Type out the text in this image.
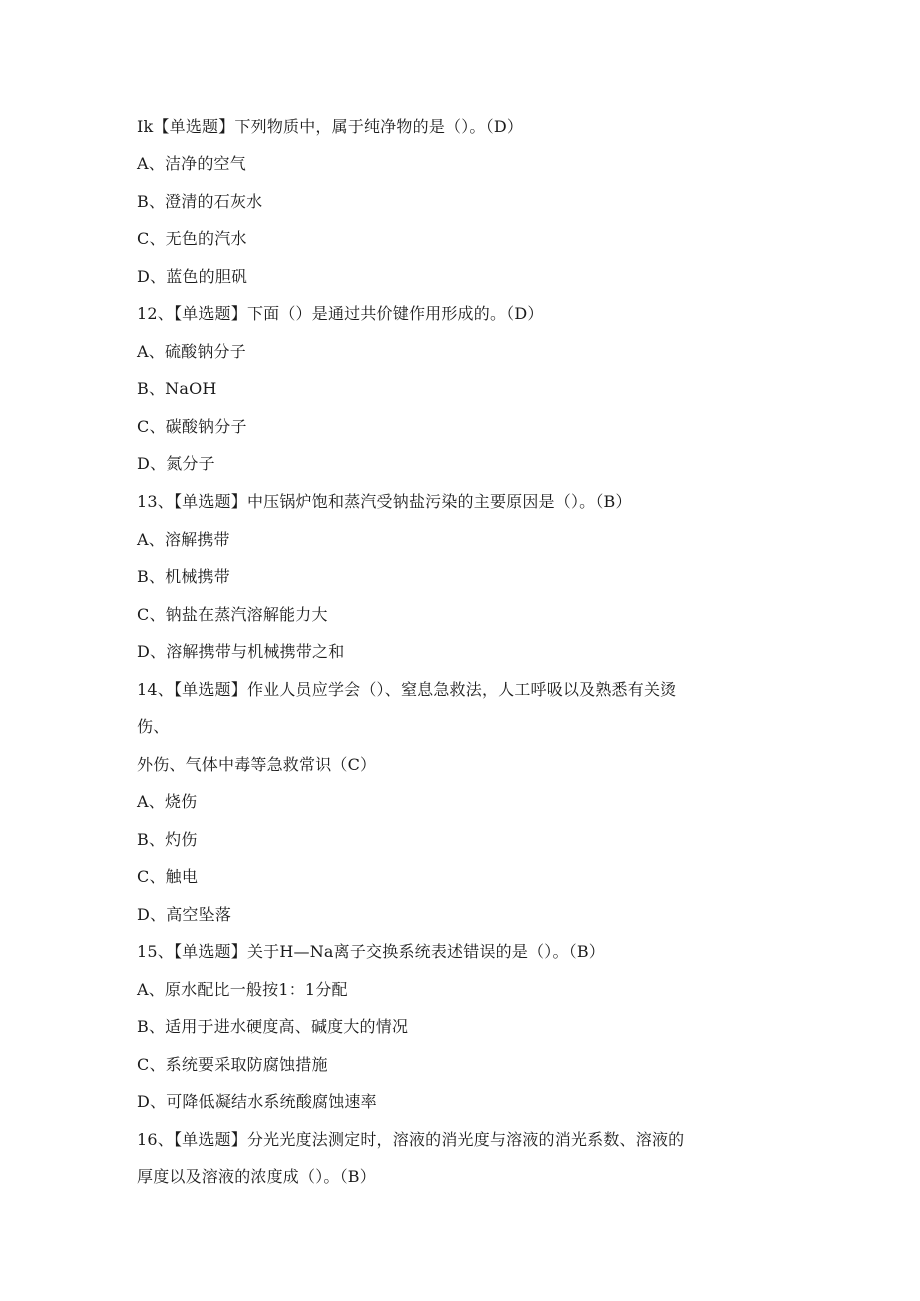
Ik【单选题】下列物质中，属于纯净物的是（）。（D）
A、洁净的空气
B、澄清的石灰水
C、无色的汽水
D、蓝色的胆矾
12、【单选题】下面（）是通过共价键作用形成的。（D）
A、硫酸钠分子
B、NaOH
C、碳酸钠分子
D、氮分子
13、【单选题】中压锅炉饱和蒸汽受钠盐污染的主要原因是（）。（B）
A、溶解携带
B、机械携带
C、钠盐在蒸汽溶解能力大
D、溶解携带与机械携带之和
14、【单选题】作业人员应学会（）、窒息急救法，人工呼吸以及熟悉有关烫
伤、
外伤、气体中毒等急救常识（C）
A、烧伤
B、灼伤
C、触电
D、高空坠落
15、【单选题】关于H—Na离子交换系统表述错误的是（）。（B）
A、原水配比一般按1：1分配
B、适用于进水硬度高、碱度大的情况
C、系统要采取防腐蚀措施
D、可降低凝结水系统酸腐蚀速率
16、【单选题】分光光度法测定时，溶液的消光度与溶液的消光系数、溶液的
厚度以及溶液的浓度成（）。（B）
